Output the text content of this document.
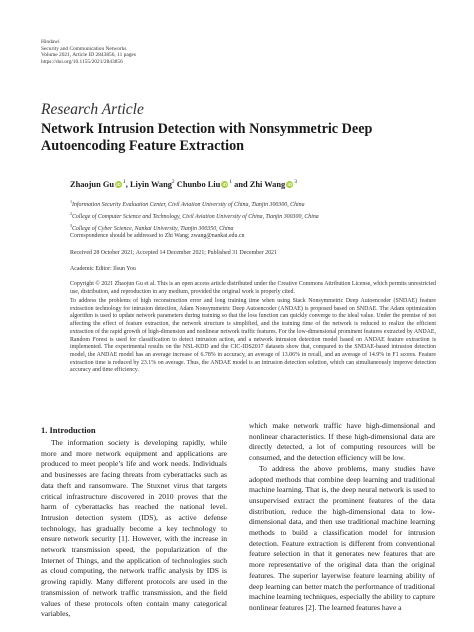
Hindawi
Security and Communication Networks
Volume 2021, Article ID 2843856, 11 pages
https://doi.org/10.1155/2021/2843856
Research Article
Network Intrusion Detection with Nonsymmetric Deep Autoencoding Feature Extraction
Zhaojun Gu iD $^1$, Liyin Wang$^2$ Chunbo Liu iD $^1$ and Zhi Wang iD $^3$
$^1$Information Security Evaluation Center, Civil Aviation University of China, Tianjin 300300, China
$^2$College of Computer Science and Technology, Civil Aviation University of China, Tianjin 300300, China
$^3$College of Cyber Science, Nankai University, Tianjin 300350, China
Correspondence should be addressed to Zhi Wang; zwang@nankai.edu.cn
Received 28 October 2021; Accepted 14 December 2021; Published 31 December 2021
Academic Editor: Ilsun You
Copyright © 2021 Zhaojun Gu et al. This is an open access article distributed under the Creative Commons Attribution License, which permits unrestricted use, distribution, and reproduction in any medium, provided the original work is properly cited.
To address the problems of high reconstruction error and long training time when using Stack Nonsymmetric Deep Autoencoder (SNDAE) feature extraction technology for intrusion detection, Adam Nonsymmetric Deep Autoencoder (ANDAE) is proposed based on SNDAE. The Adam optimization algorithm is used to update network parameters during training so that the loss function can quickly converge to the ideal value. Under the premise of not affecting the effect of feature extraction, the network structure is simplified, and the training time of the network is reduced to realize the efficient extraction of the rapid growth of high-dimension and nonlinear network traffic features. For the low-dimensional prominent features extracted by ANDAE, Random Forest is used for classification to detect intrusion action, and a network intrusion detection model based on ANDAE feature extraction is implemented. The experimental results on the NSL-KDD and the CIC-IDS2017 datasets show that, compared to the SNDAE-based intrusion detection model, the ANDAE model has an average increase of 6.78% in accuracy, an average of 13.06% in recall, and an average of 14.9% in F1 scores. Feature extraction time is reduced by 23.1% on average. Thus, the ANDAE model is an intrusion detection solution, which can simultaneously improve detection accuracy and time efficiency.
1. Introduction

The information society is developing rapidly, while more and more network equipment and applications are produced to meet people’s life and work needs. Individuals and businesses are facing threats from cyberattacks such as data theft and ransomware. The Stuxnet virus that targets critical infrastructure discovered in 2010 proves that the harm of cyberattacks has reached the national level. Intrusion detection system (IDS), as active defense technology, has gradually become a key technology to ensure network security [1]. However, with the increase in network transmission speed, the popularization of the Internet of Things, and the application of technologies such as cloud computing, the network traffic analysis by IDS is growing rapidly. Many different protocols are used in the transmission of network traffic transmission, and the field values of these protocols often contain many categorical variables,

which make network traffic have high-dimensional and nonlinear characteristics. If these high-dimensional data are directly detected, a lot of computing resources will be consumed, and the detection efficiency will be low.

To address the above problems, many studies have adopted methods that combine deep learning and traditional machine learning. That is, the deep neural network is used to unsupervised extract the prominent features of the data distribution, reduce the high-dimensional data to low-dimensional data, and then use traditional machine learning methods to build a classification model for intrusion detection. Feature extraction is different from conventional feature selection in that it generates new features that are more representative of the original data than the original features. The superior layerwise feature learning ability of deep learning can better match the performance of traditional machine learning techniques, especially the ability to capture nonlinear features [2]. The learned features have a
